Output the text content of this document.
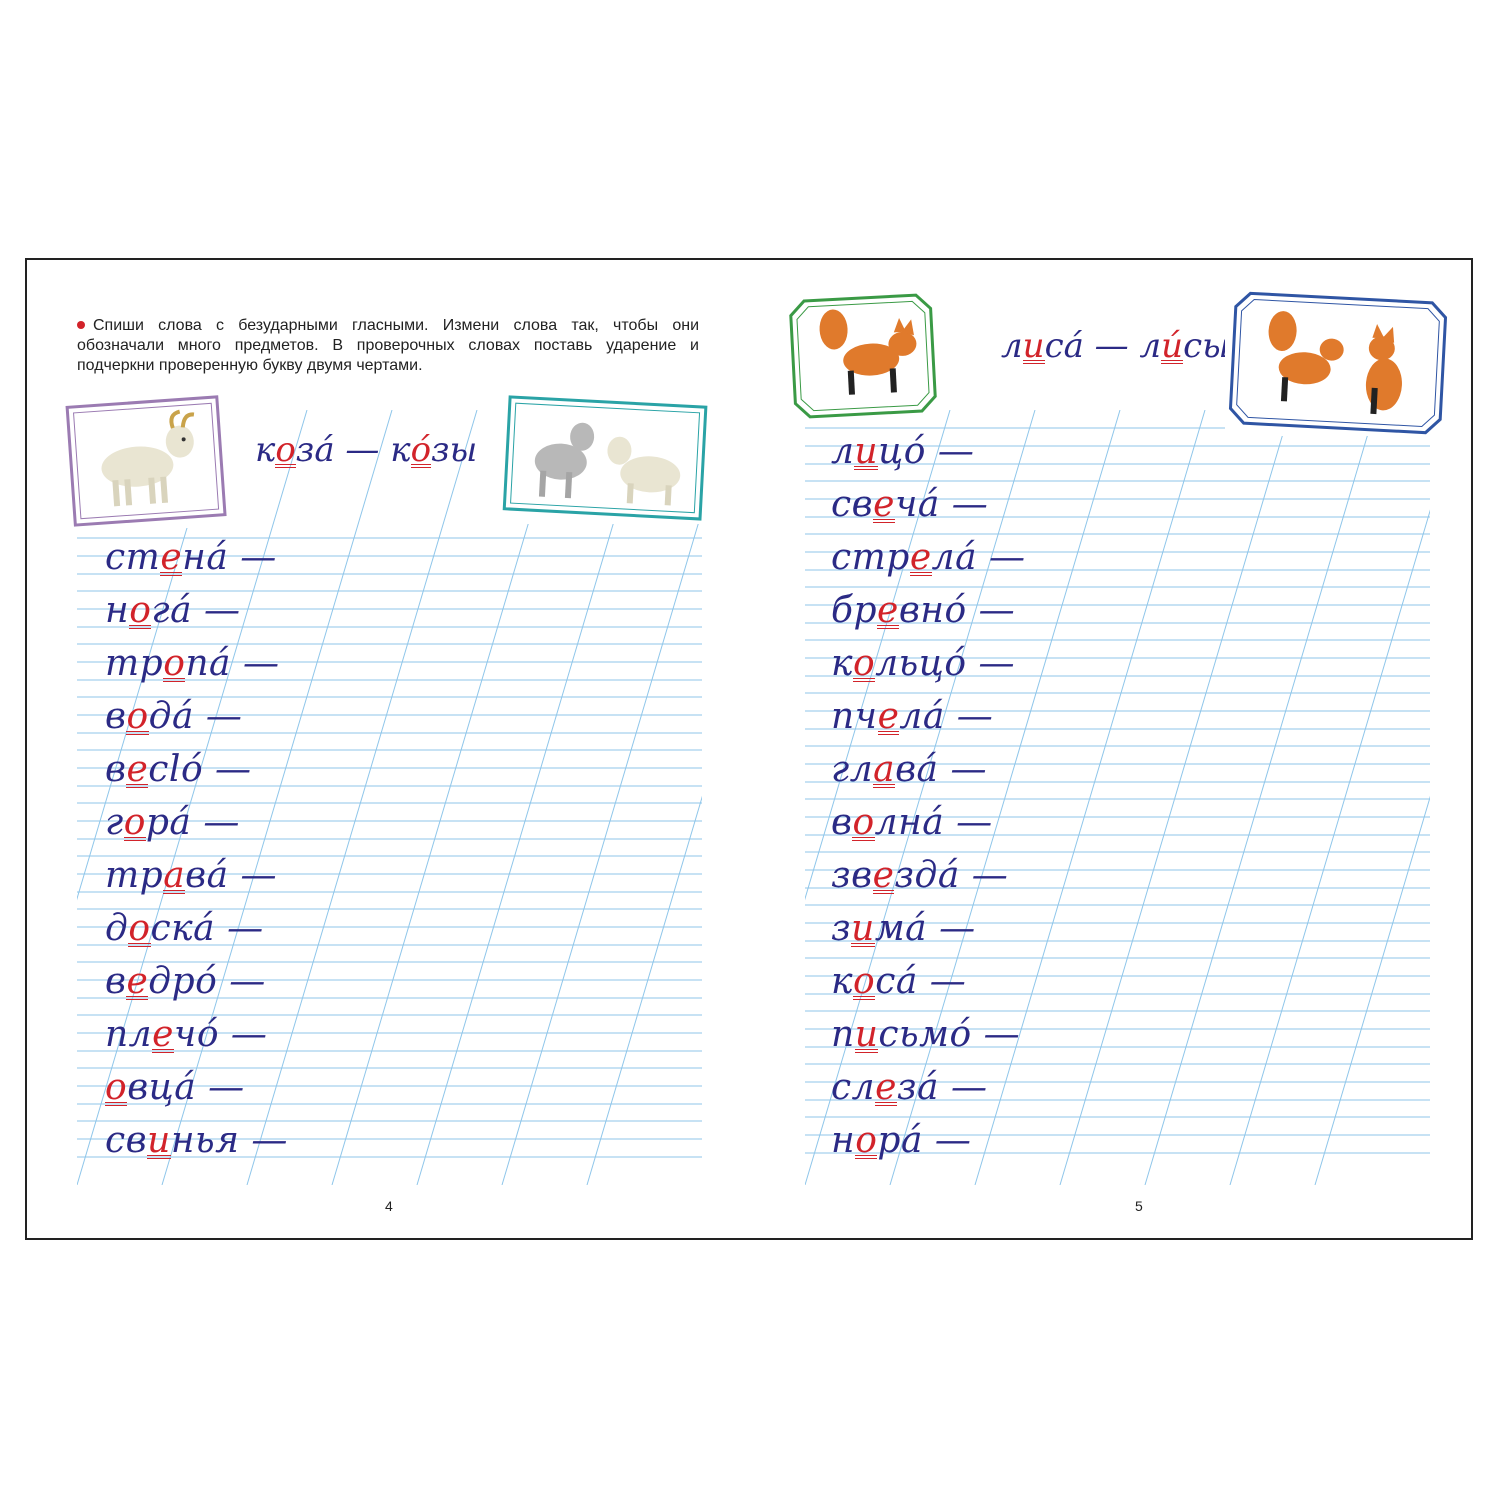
Спиши слова с безударными гласными. Измени слова так, чтобы они обозначали много предметов. В проверочных словах поставь ударение и подчеркни проверенную букву двумя чертами.
козá — кóзы
стенá —
ногá —
тропá —
водá —
весló —
горá —
травá —
доскá —
ведрó —
плечó —
овцá —
свинья —
4
лисá — ли́сы
лицó —
свечá —
стрелá —
бревнó —
кольцó —
пчелá —
главá —
волнá —
звездá —
зимá —
косá —
письмó —
слезá —
норá —
5
